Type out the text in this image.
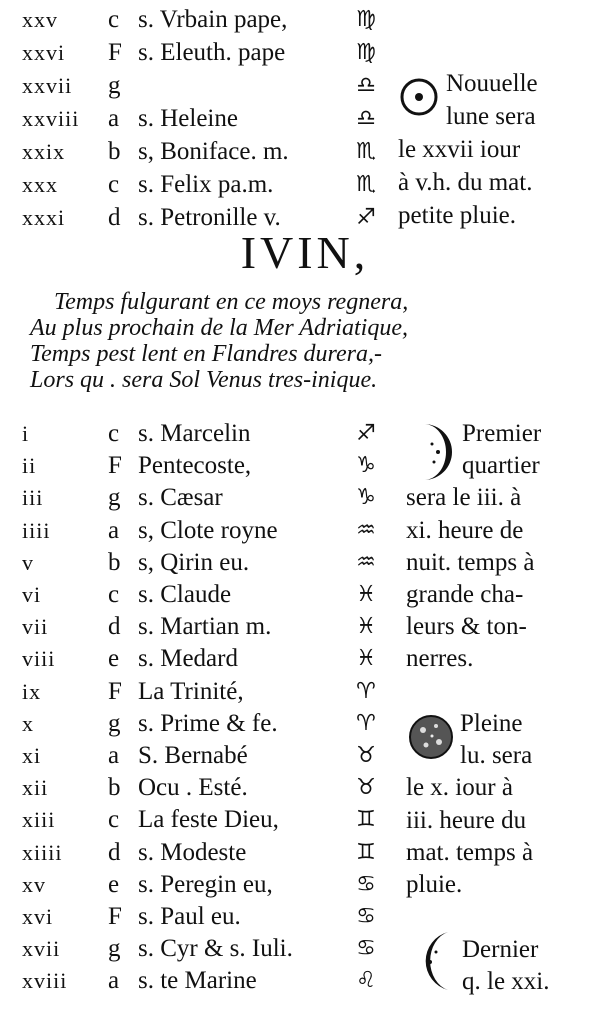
xxv	c s. Vrbain pape,	♍
xxvi	F s. Eleuth. pape	♍
xxvii	g	♎
xxviii	a s. Heleine	♎
xxix	b s, Boniface. m.	♏
xxx	c s. Felix pa.m.	♏
xxxi	d s. Petronille v.	♐
Nouuelle
lune sera
le xxvii iour
à v.h. du mat.
petite pluie.
IVIN,
Temps fulgurant en ce moys regnera,
Au plus prochain de la Mer Adriatique,
Temps pest lent en Flandres durera,-
Lors qu . sera Sol Venus tres-inique.
i	c s. Marcelin	♐
ii	F Pentecoste,	♑
iii	g s. Cæsar	♑
iiii	a s, Clote royne	♒
v	b s, Qirin eu.	♒
vi	c s. Claude	♓
vii	d s. Martian m.	♓
viii	e s. Medard	♓
ix	F La Trinité,	♈
x	g s. Prime & fe.	♈
xi	a S. Bernabé	♉
xii	b Ocu . Esté.	♉
xiii	c La feste Dieu,	♊
xiiii	d s. Modeste	♊
xv	e s. Peregin eu,	♋
xvi	F s. Paul eu.	♋
xvii	g s. Cyr & s. Iuli.	♋
xviii	a s. te Marine	♌
Premier
quartier
sera le iii. à
xi. heure de
nuit. temps à
grande cha-
leurs & ton-
nerres.
Pleine
lu. sera
le x. iour à
iii. heure du
mat. temps à
pluie.
Dernier
q. le xxi.
